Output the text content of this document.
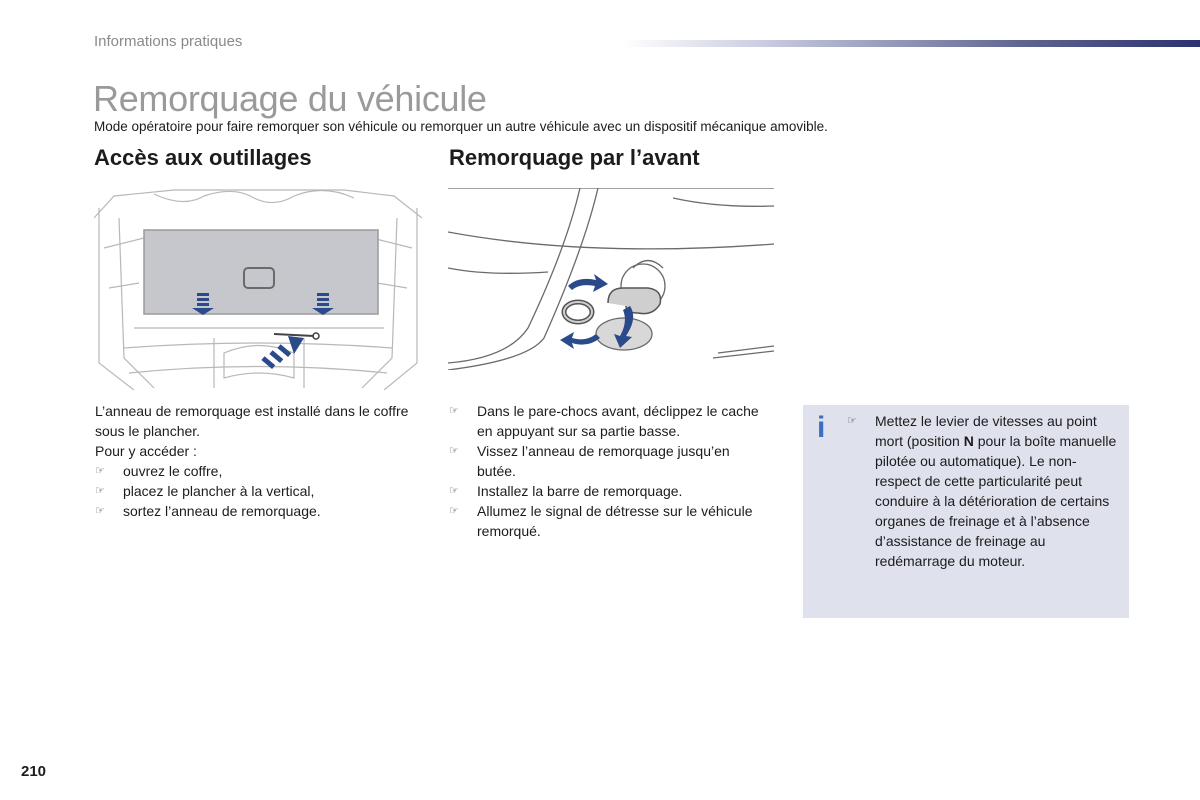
Informations pratiques
Remorquage du véhicule
Mode opératoire pour faire remorquer son véhicule ou remorquer un autre véhicule avec un dispositif mécanique amovible.
Accès aux outillages	Remorquage par l’avant

L’anneau de remorquage est installé dans le coffre sous le plancher.

Pour y accéder :

☞ ouvrez le coffre,
☞ placez le plancher à la vertical,
☞ sortez l’anneau de remorquage.
☞ Dans le pare-chocs avant, déclippez le cache en appuyant sur sa partie basse.
☞ Vissez l’anneau de remorquage jusqu’en butée.
☞ Installez la barre de remorquage.
☞ Allumez le signal de détresse sur le véhicule remorqué.
i ☞ Mettez le levier de vitesses au point mort (position N pour la boîte manuelle pilotée ou automatique). Le non-respect de cette particularité peut conduire à la détérioration de certains organes de freinage et à l’absence d’assistance de freinage au redémarrage du moteur.
210
